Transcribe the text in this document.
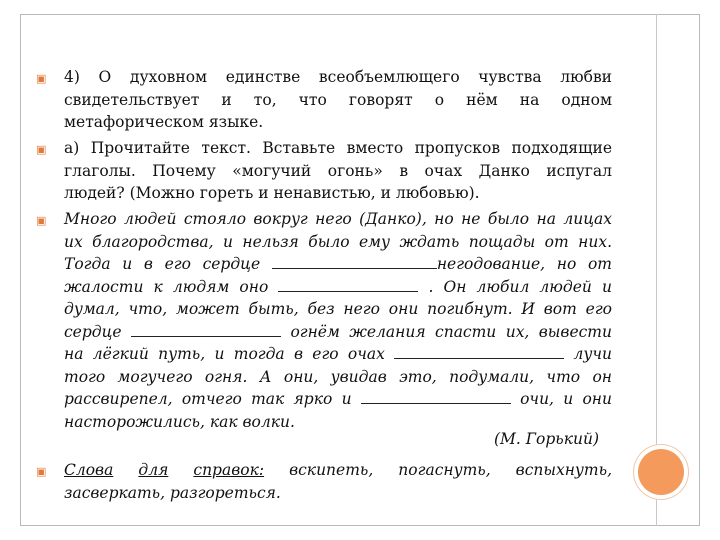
▣ 4) О духовном единстве всеобъемлющего чувства любви
свидетельствует и то, что говорят о нём на одном
метафорическом языке.
▣ а) Прочитайте текст. Вставьте вместо пропусков подходящие
глаголы. Почему «могучий огонь» в очах Данко испугал
людей? (Можно гореть и ненавистью, и любовью).
▣ Много людей стояло вокруг него (Данко), но не было на лицах
их благородства, и нельзя было ему ждать пощады от них.
Тогда и в его сердце	негодование, но от
жалости к людям оно	. Он любил людей и
думал, что, может быть, без него они погибнут. И вот его
сердце	огнём желания спасти их, вывести
на лёгкий путь, и тогда в его очах	лучи
того могучего огня. А они, увидав это, подумали, что он
рассвирепел, отчего так ярко и	очи, и они
насторожились, как волки.
(М. Горький)
▣ Слова для справок: вскипеть, погаснуть, вспыхнуть,
засверкать, разгореться.
